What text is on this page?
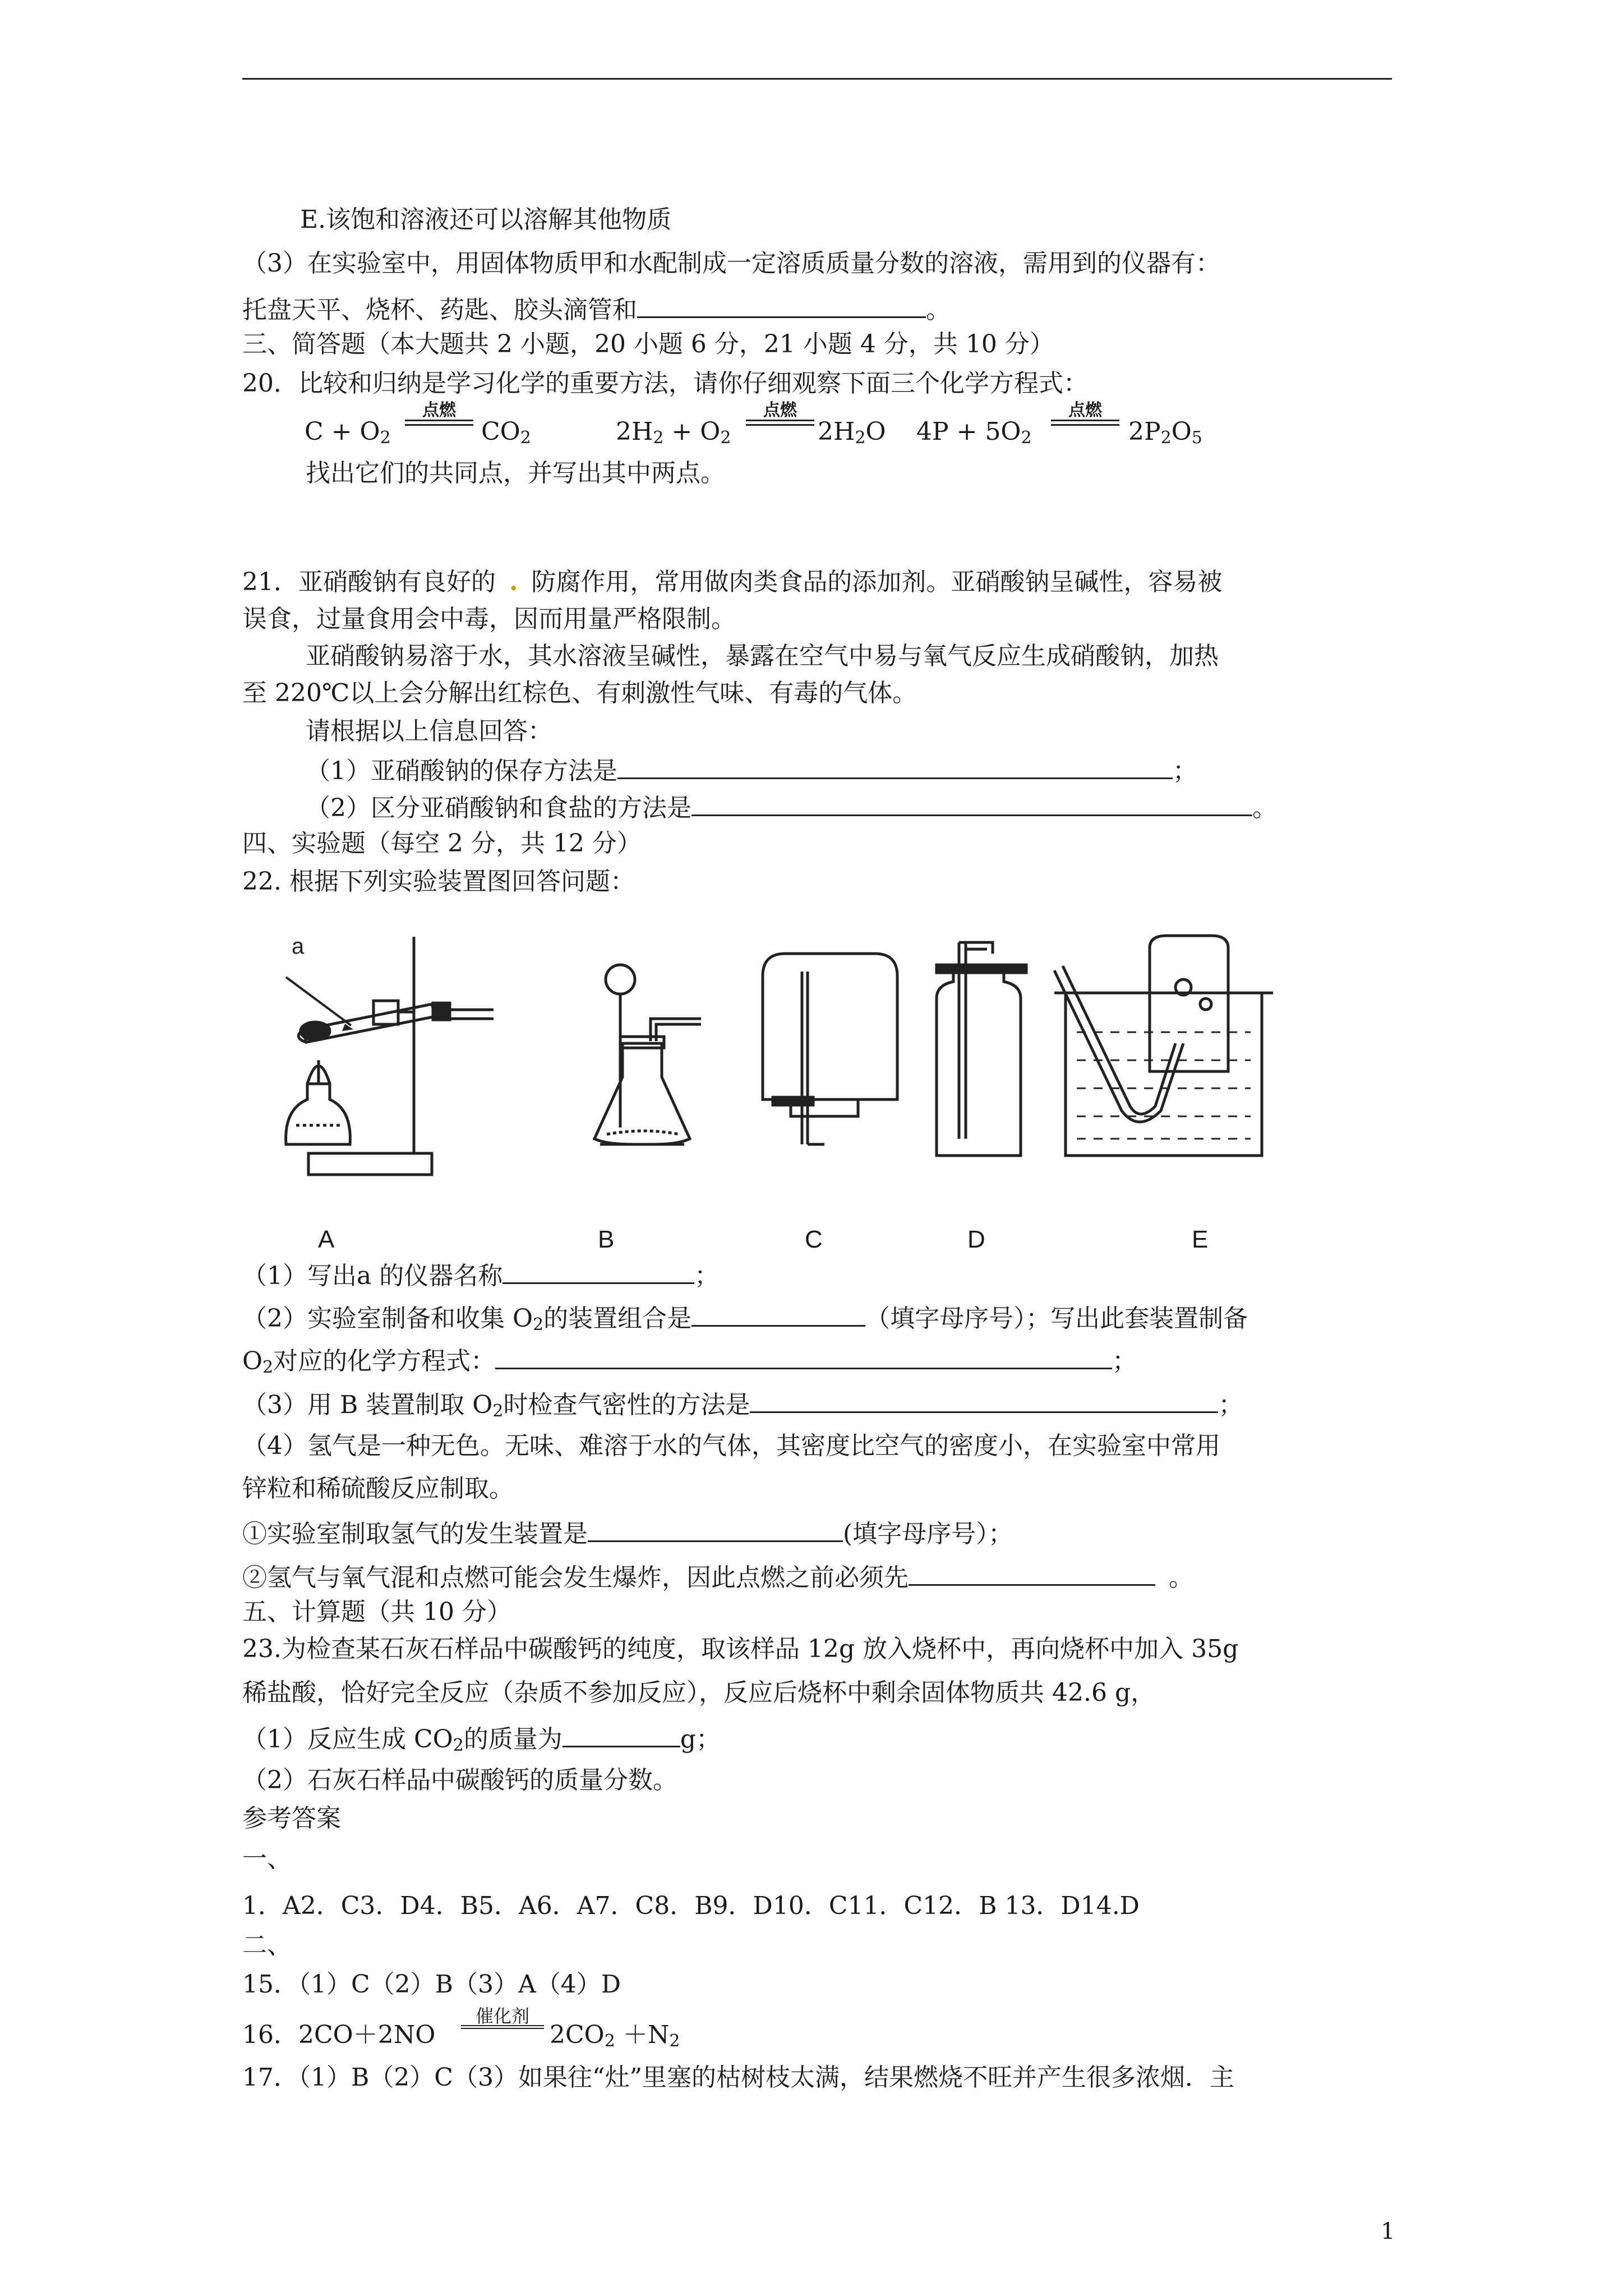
E.该饱和溶液还可以溶解其他物质
（3）在实验室中，用固体物质甲和水配制成一定溶质质量分数的溶液，需用到的仪器有：
托盘天平、烧杯、药匙、胶头滴管和	。
三、简答题（本大题共 2 小题，20 小题 6 分，21 小题 4 分，共 10 分）
20．比较和归纳是学习化学的重要方法，请你仔细观察下面三个化学方程式：
$C + O_2$
点燃
$CO_2$	$2H_2 + O_2$
点燃
$2H_2O$ $4P + 5O_2$
点燃
$2P_2O_5$
找出它们的共同点，并写出其中两点。
21．亚硝酸钠有良好的 . 防腐作用，常用做肉类食品的添加剂。亚硝酸钠呈碱性，容易被
误食，过量食用会中毒，因而用量严格限制。
亚硝酸钠易溶于水，其水溶液呈碱性，暴露在空气中易与氧气反应生成硝酸钠，加热
至 220℃以上会分解出红棕色、有刺激性气味、有毒的气体。
请根据以上信息回答：
（1）亚硝酸钠的保存方法是	；
（2）区分亚硝酸钠和食盐的方法是	。
四、实验题（每空 2 分，共 12 分）
22. 根据下列实验装置图回答问题：
a
A	B	C	D	E
（1）写出a 的仪器名称	；
（2）实验室制备和收集 $O_2$的装置组合是	（填字母序号）；写出此套装置制备
$O_2$对应的化学方程式：	；
（3）用 B 装置制取 $O_2$时检查气密性的方法是	；
（4）氢气是一种无色。无味、难溶于水的气体，其密度比空气的密度小，在实验室中常用
锌粒和稀硫酸反应制取。
①实验室制取氢气的发生装置是	(填字母序号）；
②氢气与氧气混和点燃可能会发生爆炸，因此点燃之前必须先	。
五、计算题（共 10 分）
23.为检查某石灰石样品中碳酸钙的纯度，取该样品 12g 放入烧杯中，再向烧杯中加入 35g
稀盐酸，恰好完全反应（杂质不参加反应），反应后烧杯中剩余固体物质共 42.6 g，
（1）反应生成 $CO_2$的质量为	g；
（2）石灰石样品中碳酸钙的质量分数。
参考答案
一、
1．A2．C3．D4．B5．A6．A7．C8．B9．D10．C11．C12．B 13．D14.D
二、
15．（1）C（2）B（3）A（4）D
16．2CO＋2NO
催化剂
$2CO_2 +N_2$
17．（1）B（2）C（3）如果往“灶”里塞的枯树枝太满，结果燃烧不旺并产生很多浓烟．主
1
